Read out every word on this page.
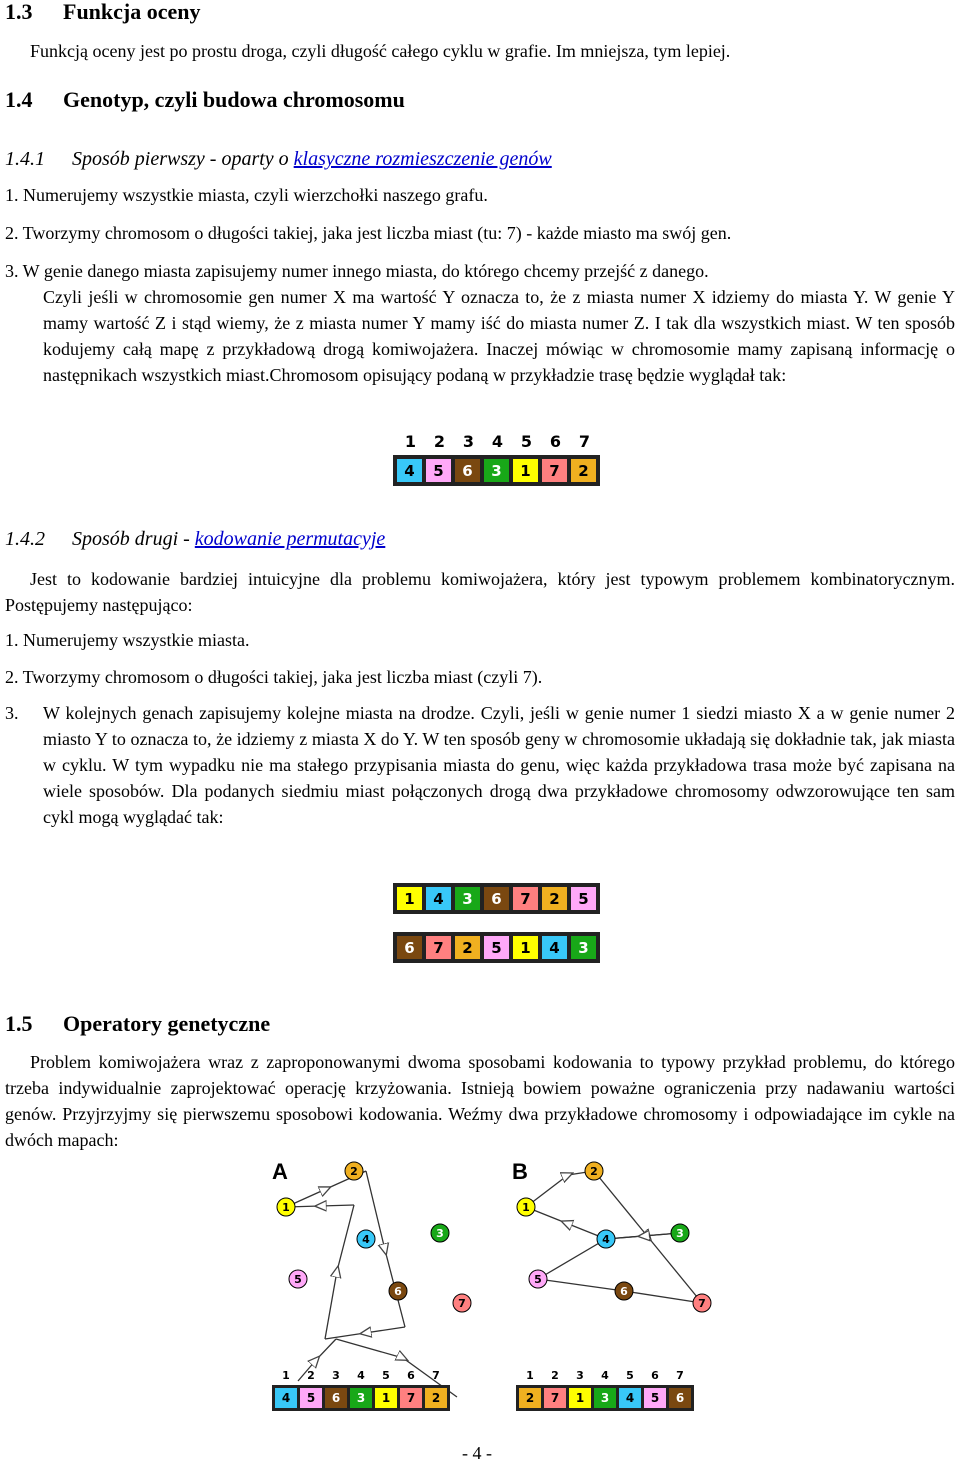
1.3 Funkcja oceny
Funkcją oceny jest po prostu droga, czyli długość całego cyklu w grafie. Im mniejsza, tym lepiej.
1.4 Genotyp, czyli budowa chromosomu
1.4.1 Sposób pierwszy - oparty o klasyczne rozmieszczenie genów
1. Numerujemy wszystkie miasta, czyli wierzchołki naszego grafu.
2. Tworzymy chromosom o długości takiej, jaka jest liczba miast (tu: 7) - każde miasto ma swój gen.
3. W genie danego miasta zapisujemy numer innego miasta, do którego chcemy przejść z danego.
Czyli jeśli w chromosomie gen numer X ma wartość Y oznacza to, że z miasta numer X idziemy do miasta Y. W genie Y mamy wartość Z i stąd wiemy, że z miasta numer Y mamy iść do miasta numer Z. I tak dla wszystkich miast. W ten sposób kodujemy całą mapę z przykładową drogą komiwojażera. Inaczej mówiąc w chromosomie mamy zapisaną informację o następnikach wszystkich miast.Chromosom opisujący podaną w przykładzie trasę będzie wyglądał tak:
1	2	3	4	5	6	7
4	5	6	3	1	7	2
1.4.2 Sposób drugi - kodowanie permutacyje
Jest to kodowanie bardziej intuicyjne dla problemu komiwojażera, który jest typowym problemem kombinatorycznym. Postępujemy następująco:
1. Numerujemy wszystkie miasta.
2. Tworzymy chromosom o długości takiej, jaka jest liczba miast (czyli 7).
3. W kolejnych genach zapisujemy kolejne miasta na drodze. Czyli, jeśli w genie numer 1 siedzi miasto X a w genie numer 2 miasto Y to oznacza to, że idziemy z miasta X do Y. W ten sposób geny w chromosomie układają się dokładnie tak, jak miasta w cyklu. W tym wypadku nie ma stałego przypisania miasta do genu, więc każda przykładowa trasa może być zapisana na wiele sposobów. Dla podanych siedmiu miast połączonych drogą dwa przykładowe chromosomy odwzorowujące ten sam cykl mogą wyglądać tak:
1	4	3	6	7	2	5
6	7	2	5	1	4	3
1.5 Operatory genetyczne
Problem komiwojażera wraz z zaproponowanymi dwoma sposobami kodowania to typowy przykład problemu, do którego trzeba indywidualnie zaprojektować operację krzyżowania. Istnieją bowiem poważne ograniczenia przy nadawaniu wartości genów. Przyjrzyjmy się pierwszemu sposobowi kodowania. Weźmy dwa przykładowe chromosomy i odpowiadające im cykle na dwóch mapach:
A
1
2
3
4
5
6
7
1 2 3 4 5 6 7
4 5 6 3 1 7 2
B
1
2
3
4
5
6
7
1 2 3 4 5 6 7
2 7 1 3 4 5 6
- 4 -
